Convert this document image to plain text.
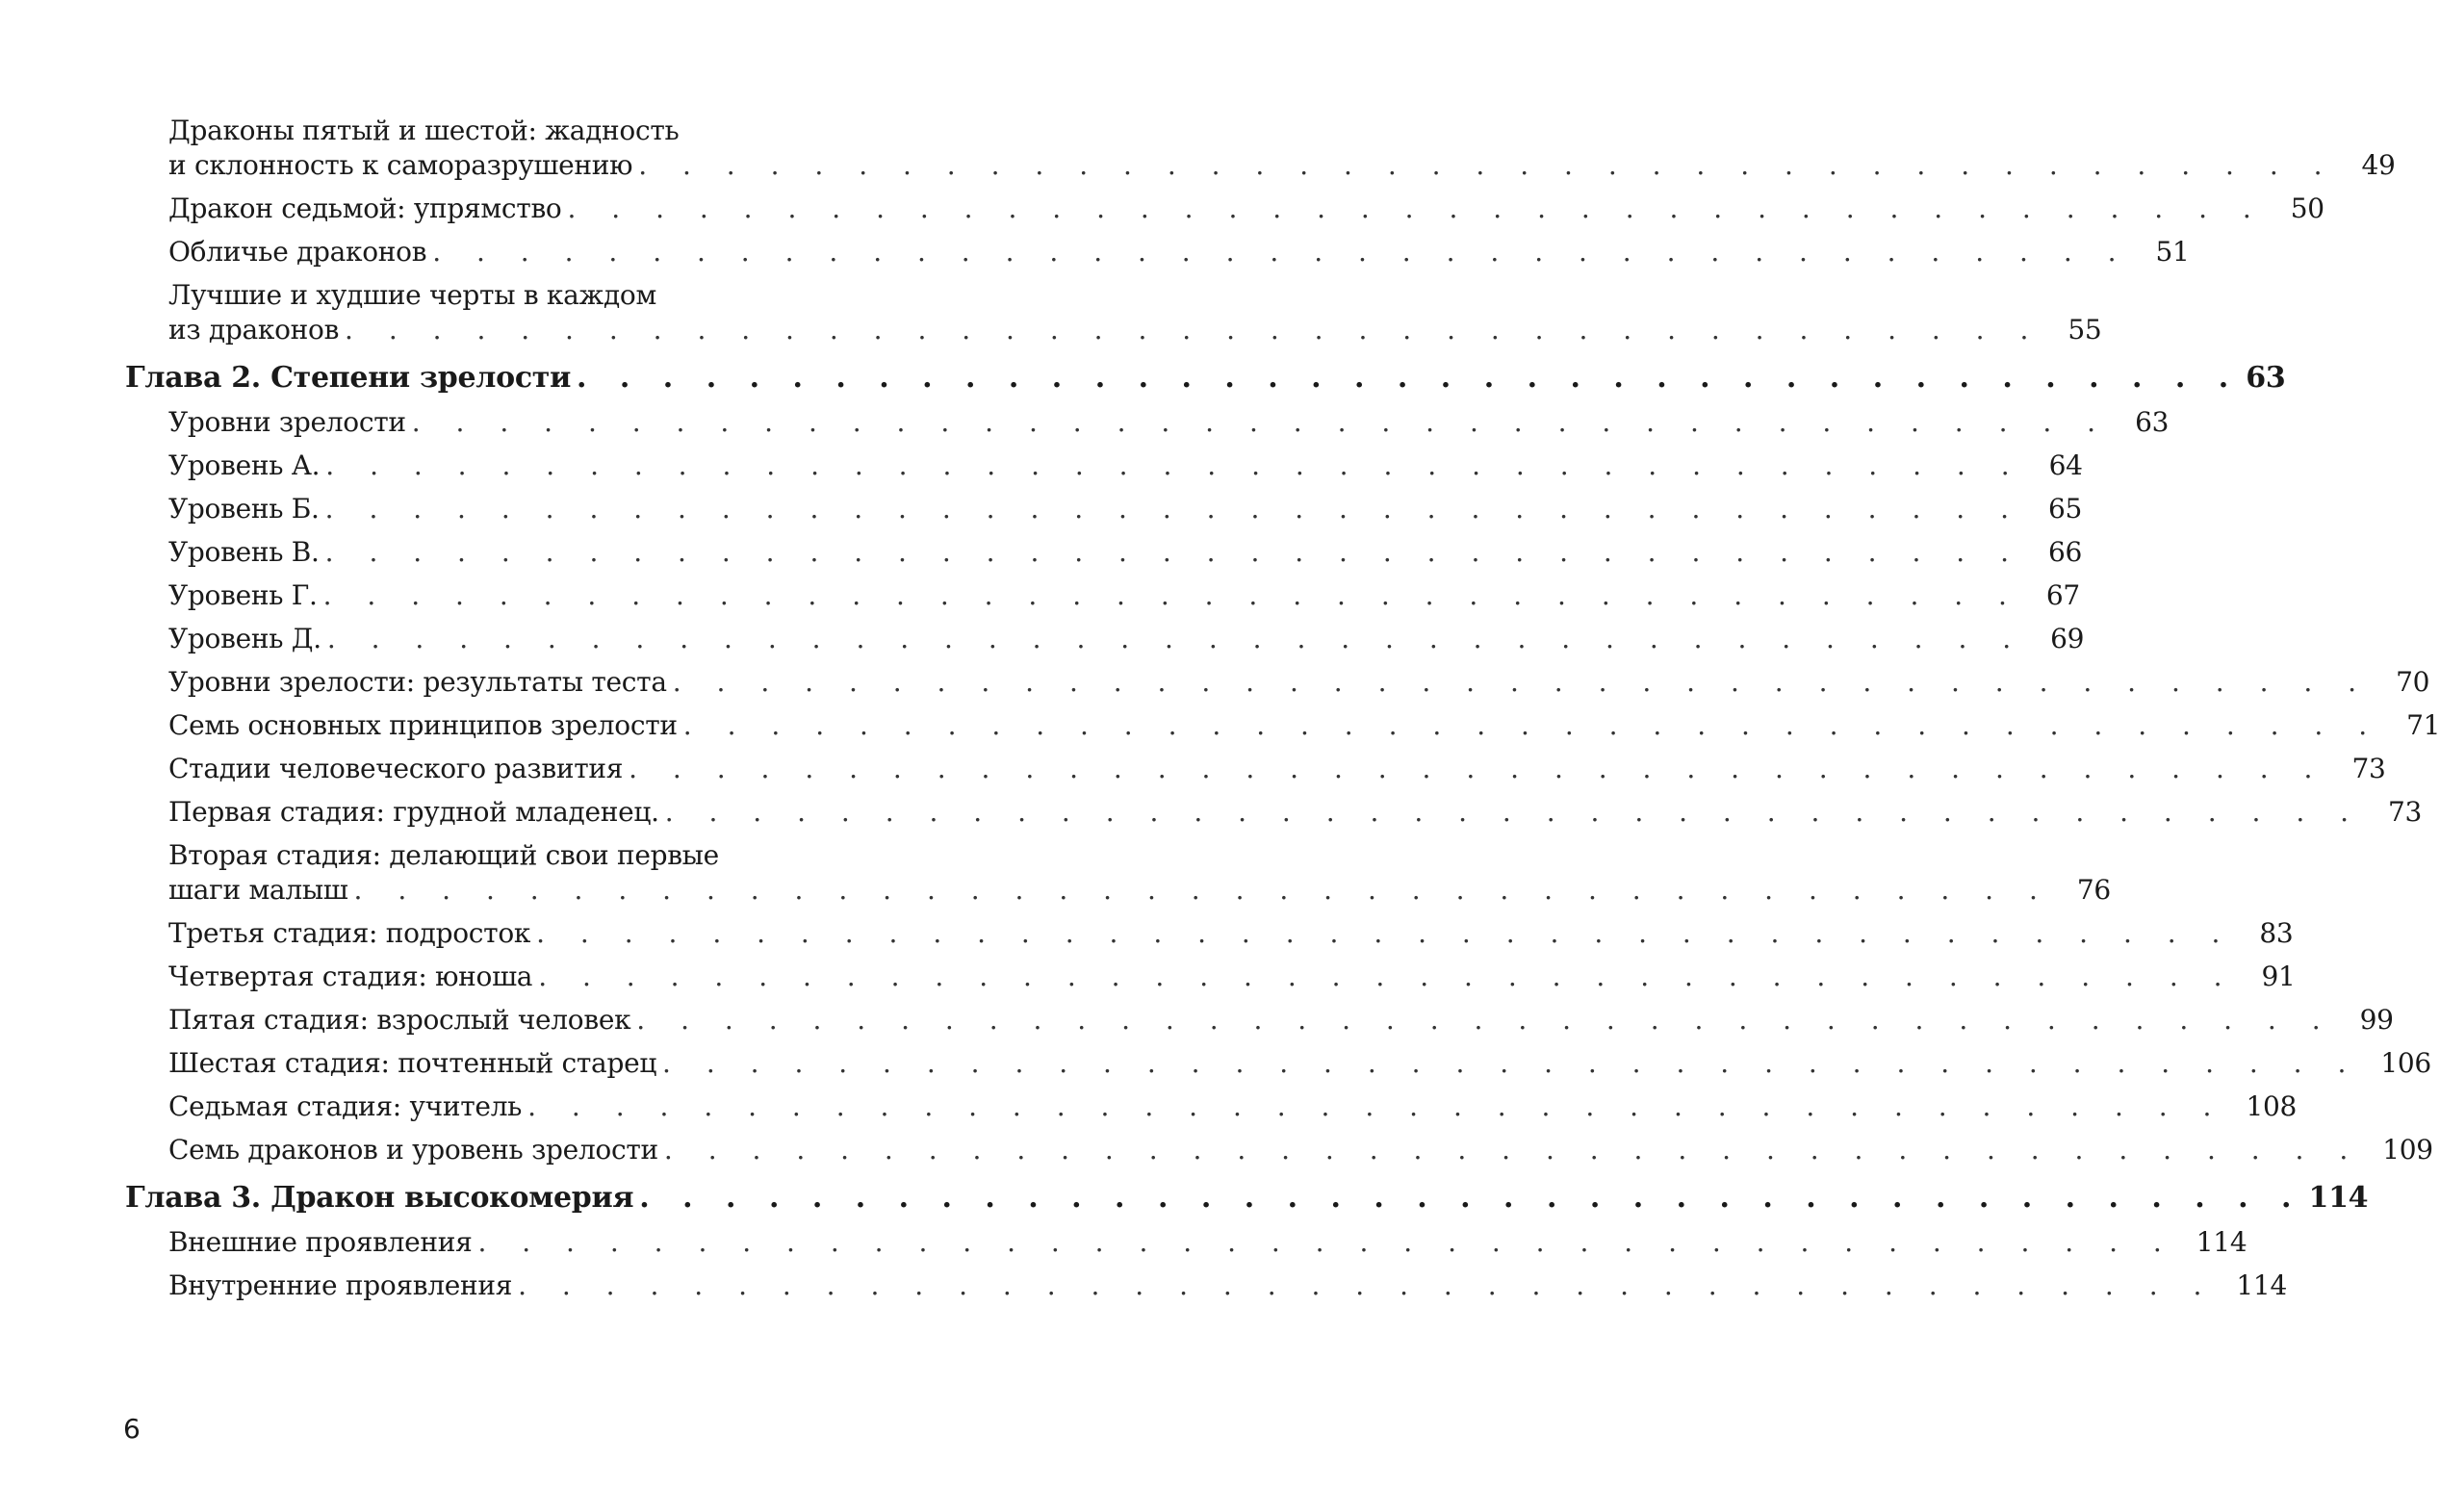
Драконы пятый и шестой: жадность
и склонность к саморазрушению . . . . . . . . . . . . . . . . . . . . . . . . . . . . . . . . . . . . . . . 49
Дракон седьмой: упрямство . . . . . . . . . . . . . . . . . . . . . . . . . . . . . . . . . . . . . . . 50
Обличье драконов . . . . . . . . . . . . . . . . . . . . . . . . . . . . . . . . . . . . . . . 51
Лучшие и худшие черты в каждом
из драконов . . . . . . . . . . . . . . . . . . . . . . . . . . . . . . . . . . . . . . . 55
Глава 2. Степени зрелости . . . . . . . . . . . . . . . . . . . . . . . . . . . . . . . . . . . . . . . 63
Уровни зрелости . . . . . . . . . . . . . . . . . . . . . . . . . . . . . . . . . . . . . . . 63
Уровень А. . . . . . . . . . . . . . . . . . . . . . . . . . . . . . . . . . . . . . . . 64
Уровень Б. . . . . . . . . . . . . . . . . . . . . . . . . . . . . . . . . . . . . . . . 65
Уровень В. . . . . . . . . . . . . . . . . . . . . . . . . . . . . . . . . . . . . . . . 66
Уровень Г. . . . . . . . . . . . . . . . . . . . . . . . . . . . . . . . . . . . . . . . 67
Уровень Д. . . . . . . . . . . . . . . . . . . . . . . . . . . . . . . . . . . . . . . . 69
Уровни зрелости: результаты теста . . . . . . . . . . . . . . . . . . . . . . . . . . . . . . . . . . . . . . . 70
Семь основных принципов зрелости . . . . . . . . . . . . . . . . . . . . . . . . . . . . . . . . . . . . . . . 71
Стадии человеческого развития . . . . . . . . . . . . . . . . . . . . . . . . . . . . . . . . . . . . . . . 73
Первая стадия: грудной младенец. . . . . . . . . . . . . . . . . . . . . . . . . . . . . . . . . . . . . . . . 73
Вторая стадия: делающий свои первые
шаги малыш . . . . . . . . . . . . . . . . . . . . . . . . . . . . . . . . . . . . . . . 76
Третья стадия: подросток . . . . . . . . . . . . . . . . . . . . . . . . . . . . . . . . . . . . . . . 83
Четвертая стадия: юноша . . . . . . . . . . . . . . . . . . . . . . . . . . . . . . . . . . . . . . . 91
Пятая стадия: взрослый человек . . . . . . . . . . . . . . . . . . . . . . . . . . . . . . . . . . . . . . . 99
Шестая стадия: почтенный старец . . . . . . . . . . . . . . . . . . . . . . . . . . . . . . . . . . . . . . . 106
Седьмая стадия: учитель . . . . . . . . . . . . . . . . . . . . . . . . . . . . . . . . . . . . . . . 108
Семь драконов и уровень зрелости . . . . . . . . . . . . . . . . . . . . . . . . . . . . . . . . . . . . . . . 109
Глава 3. Дракон высокомерия . . . . . . . . . . . . . . . . . . . . . . . . . . . . . . . . . . . . . . . 114
Внешние проявления . . . . . . . . . . . . . . . . . . . . . . . . . . . . . . . . . . . . . . . 114
Внутренние проявления . . . . . . . . . . . . . . . . . . . . . . . . . . . . . . . . . . . . . . . 114
6
